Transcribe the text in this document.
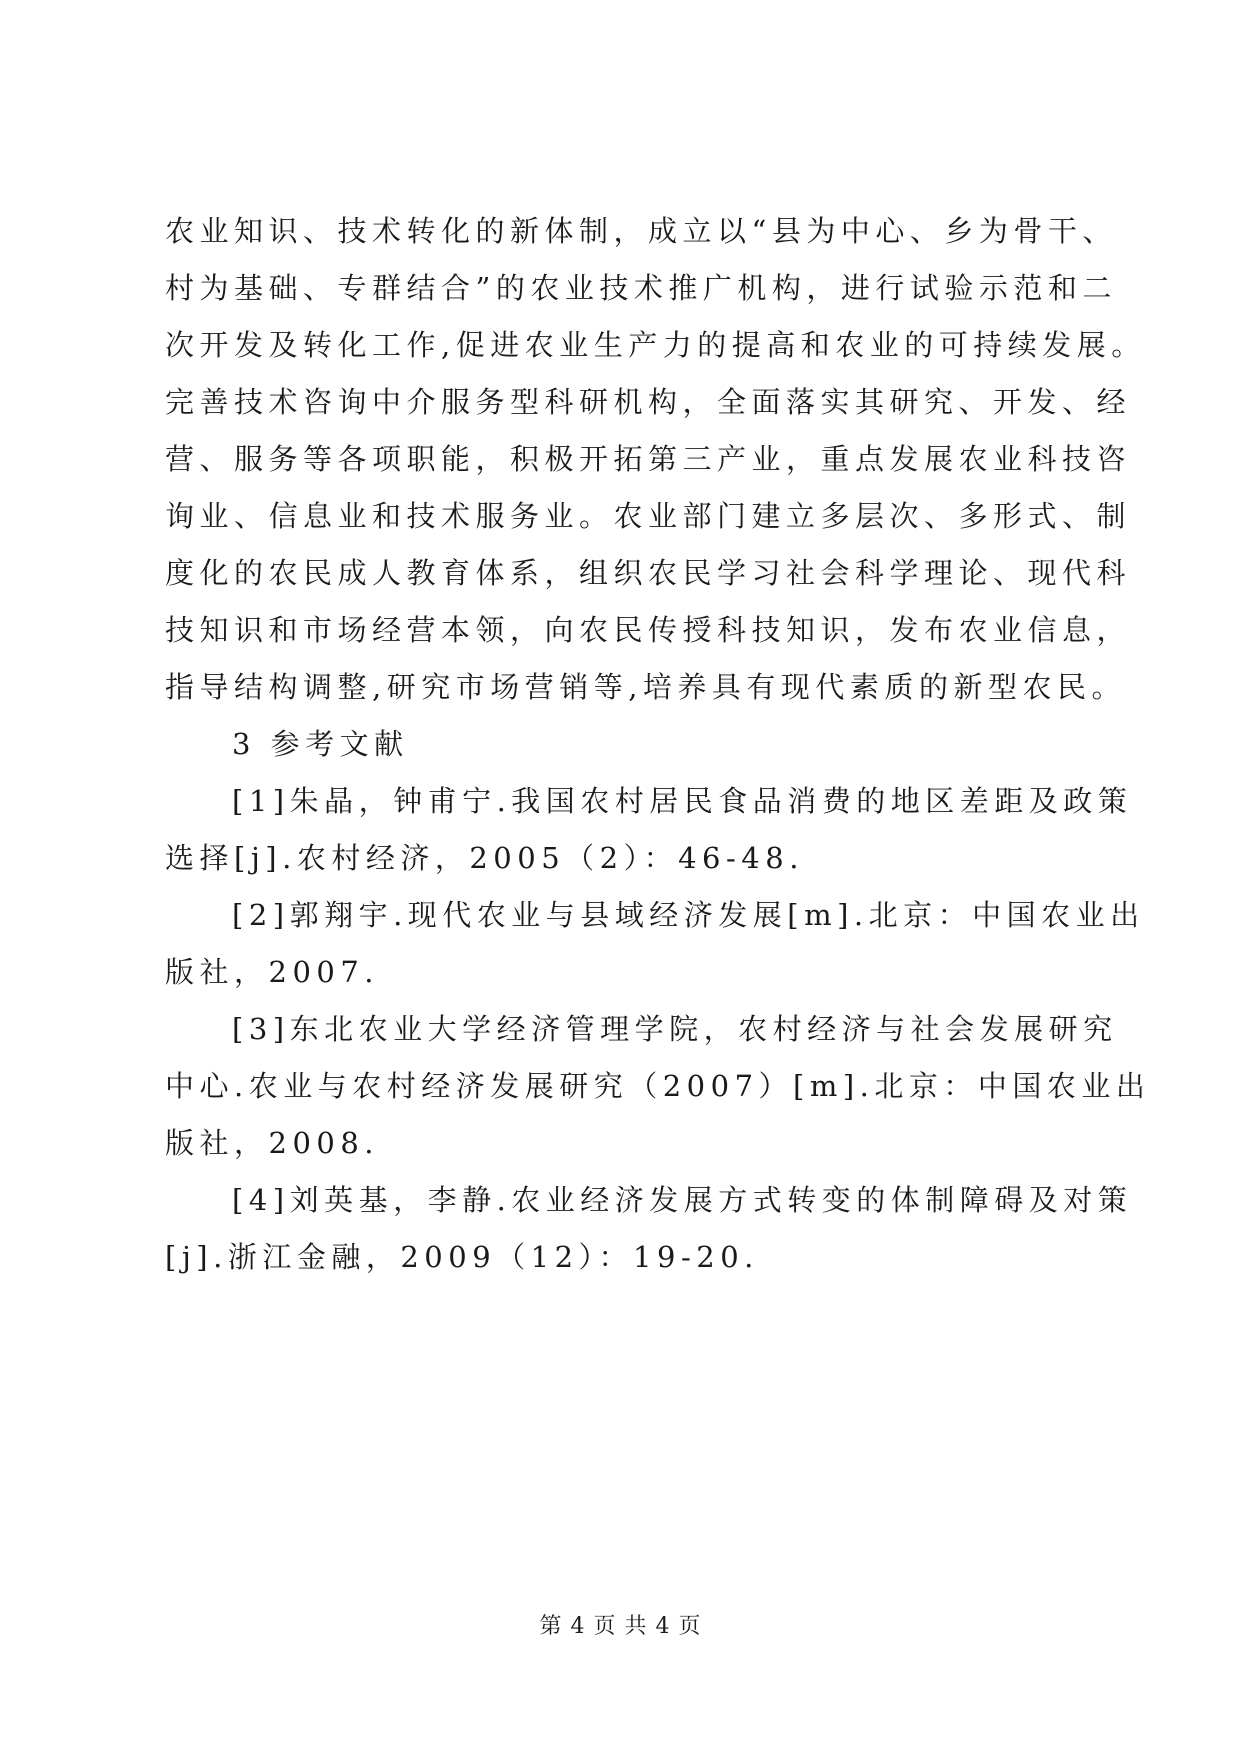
农业知识、技术转化的新体制，成立以“县为中心、乡为骨干、
村为基础、专群结合”的农业技术推广机构，进行试验示范和二
次开发及转化工作,促进农业生产力的提高和农业的可持续发展。
完善技术咨询中介服务型科研机构，全面落实其研究、开发、经
营、服务等各项职能，积极开拓第三产业，重点发展农业科技咨
询业、信息业和技术服务业。农业部门建立多层次、多形式、制
度化的农民成人教育体系，组织农民学习社会科学理论、现代科
技知识和市场经营本领，向农民传授科技知识，发布农业信息，
指导结构调整,研究市场营销等,培养具有现代素质的新型农民。
3 参考文献
[1]朱晶，钟甫宁.我国农村居民食品消费的地区差距及政策
选择[j].农村经济，2005（2）：46-48.
[2]郭翔宇.现代农业与县域经济发展[m].北京：中国农业出
版社，2007.
[3]东北农业大学经济管理学院，农村经济与社会发展研究
中心.农业与农村经济发展研究（2007）[m].北京：中国农业出
版社，2008.
[4]刘英基，李静.农业经济发展方式转变的体制障碍及对策
[j].浙江金融，2009（12）：19-20.
第 4 页 共 4 页
